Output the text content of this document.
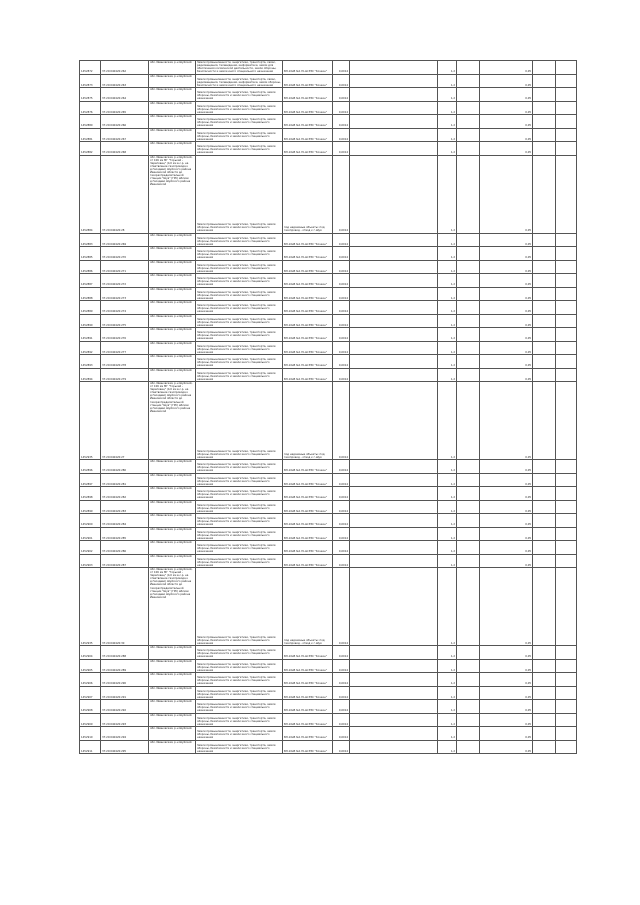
1452872	37:20:040420:262	обл. Ивановская, р-н Шуйский	Земли промышленности, энергетики, транспорта, связи, радиовещания, телевидения, информатики, земли для обеспечения космической деятельности, земли обороны, безопасности и земли иного специального назначения	ВЛ-10кВ №1 Ю-Ш РЭС "Кочкин"	0,0014		1,2		0,05		
1452873	37:20:040420:263	обл. Ивановская, р-н Шуйский	Земли промышленности, энергетики, транспорта, связи, радиовещания, телевидения, информатики, земли обороны, безопасности и земли иного специального назначения	ВЛ-10кВ №1 Ю-Ш РЭС "Кочкин"	0,0014		1,2		0,05		
1452875	37:20:040420:264	обл. Ивановская, р-н Шуйский	Земли промышленности, энергетики, транспорта, земли обороны, безопасности и земли иного специального назначения	ВЛ-10кВ №1 Ю-Ш РЭС "Кочкин"	0,0014		1,2		0,05		
1452876	37:20:040420:265	обл. Ивановская, р-н Шуйский	Земли промышленности, энергетики, транспорта, земли обороны, безопасности и земли иного специального назначения	ВЛ-10кВ №1 Ю-Ш РЭС "Кочкин"	0,0014		1,2		0,05		
1452880	37:20:040420:266	обл. Ивановская, р-н Шуйский	Земли промышленности, энергетики, транспорта, земли обороны, безопасности и земли иного специального назначения	ВЛ-10кВ №1 Ю-Ш РЭС "Кочкин"	0,0014		1,2		0,05		
1452881	37:20:040420:267	обл. Ивановская, р-н Шуйский	Земли промышленности, энергетики, транспорта, земли обороны, безопасности и земли иного специального назначения	ВЛ-10кВ №1 Ю-Ш РЭС "Кочкин"	0,0014		1,2		0,05		
1452882	37:20:040420:268	обл. Ивановская, р-н Шуйский	Земли промышленности, энергетики, транспорта, земли обороны, безопасности и земли иного специального назначения	ВЛ-10кВ №1 Ю-Ш РЭС "Кочкин"	0,0014		1,2		0,05		
1452884	37:20:040420:28	обл. Ивановская, р-н Шуйский, от 106 км МГ "Горький - Череповец" (4,0 км в.с.р. на ответвление газопровода к д.Гвоздево) Шуйского района Ивановской области до газораспределительной станции "Шуя" (ГРС) вблизи д.Гвоздево Шуйского района Ивановской	Земли промышленности, энергетики, транспорта, земли обороны, безопасности и земли иного специального назначения	под надземные объекты: под газопровод - отвод к г.Шуя	0,0014		1,2		0,05		
1452883	37:20:040420:269	обл. Ивановская, р-н Шуйский	Земли промышленности, энергетики, транспорта, земли обороны, безопасности и земли иного специального назначения	ВЛ-10кВ №1 Ю-Ш РЭС "Кочкин"	0,0014		1,2		0,05		
1452885	37:20:040420:270	обл. Ивановская, р-н Шуйский	Земли промышленности, энергетики, транспорта, земли обороны, безопасности и земли иного специального назначения	ВЛ-10кВ №1 Ю-Ш РЭС "Кочкин"	0,0014		1,2		0,05		
1452886	37:20:040420:271	обл. Ивановская, р-н Шуйский	Земли промышленности, энергетики, транспорта, земли обороны, безопасности и земли иного специального назначения	ВЛ-10кВ №1 Ю-Ш РЭС "Кочкин"	0,0014		1,2		0,05		
1452887	37:20:040420:272	обл. Ивановская, р-н Шуйский	Земли промышленности, энергетики, транспорта, земли обороны, безопасности и земли иного специального назначения	ВЛ-10кВ №1 Ю-Ш РЭС "Кочкин"	0,0014		1,2		0,05		
1452888	37:20:040420:273	обл. Ивановская, р-н Шуйский	Земли промышленности, энергетики, транспорта, земли обороны, безопасности и земли иного специального назначения	ВЛ-10кВ №1 Ю-Ш РЭС "Кочкин"	0,0014		1,2		0,05		
1452889	37:20:040420:274	обл. Ивановская, р-н Шуйский	Земли промышленности, энергетики, транспорта, земли обороны, безопасности и земли иного специального назначения	ВЛ-10кВ №1 Ю-Ш РЭС "Кочкин"	0,0014		1,2		0,05		
1452890	37:20:040420:275	обл. Ивановская, р-н Шуйский	Земли промышленности, энергетики, транспорта, земли обороны, безопасности и земли иного специального назначения	ВЛ-10кВ №1 Ю-Ш РЭС "Кочкин"	0,0014		1,2		0,05		
1452891	37:20:040420:276	обл. Ивановская, р-н Шуйский	Земли промышленности, энергетики, транспорта, земли обороны, безопасности и земли иного специального назначения	ВЛ-10кВ №1 Ю-Ш РЭС "Кочкин"	0,0014		1,2		0,05		
1452892	37:20:040420:277	обл. Ивановская, р-н Шуйский	Земли промышленности, энергетики, транспорта, земли обороны, безопасности и земли иного специального назначения	ВЛ-10кВ №1 Ю-Ш РЭС "Кочкин"	0,0014		1,2		0,05		
1452893	37:20:040420:278	обл. Ивановская, р-н Шуйский	Земли промышленности, энергетики, транспорта, земли обороны, безопасности и земли иного специального назначения	ВЛ-10кВ №1 Ю-Ш РЭС "Кочкин"	0,0014		1,2		0,05		
1452894	37:20:040420:279	обл. Ивановская, р-н Шуйский	Земли промышленности, энергетики, транспорта, земли обороны, безопасности и земли иного специального назначения	ВЛ-10кВ №1 Ю-Ш РЭС "Кочкин"	0,0014		1,2		0,05		
1452935	37:20:040420:27	обл. Ивановская, р-н Шуйский, от 106 км МГ "Горький - Череповец" (4,0 км в.с.р. на ответвление газопровода к д.Гвоздево) Шуйского района Ивановской области до газораспределительной станции "Шуя" (ГРС) вблизи д.Гвоздево Шуйского района Ивановской	Земли промышленности, энергетики, транспорта, земли обороны, безопасности и земли иного специального назначения	под надземные объекты: под газопровод - отвод к г.Шуя	0,0014		1,2		0,05		
1452896	37:20:040420:280	обл. Ивановская, р-н Шуйский	Земли промышленности, энергетики, транспорта, земли обороны, безопасности и земли иного специального назначения	ВЛ-10кВ №1 Ю-Ш РЭС "Кочкин"	0,0014		1,2		0,05		
1452897	37:20:040420:281	обл. Ивановская, р-н Шуйский	Земли промышленности, энергетики, транспорта, земли обороны, безопасности и земли иного специального назначения	ВЛ-10кВ №1 Ю-Ш РЭС "Кочкин"	0,0014		1,2		0,05		
1452898	37:20:040420:282	обл. Ивановская, р-н Шуйский	Земли промышленности, энергетики, транспорта, земли обороны, безопасности и земли иного специального назначения	ВЛ-10кВ №1 Ю-Ш РЭС "Кочкин"	0,0014		1,2		0,05		
1452899	37:20:040420:283	обл. Ивановская, р-н Шуйский	Земли промышленности, энергетики, транспорта, земли обороны, безопасности и земли иного специального назначения	ВЛ-10кВ №1 Ю-Ш РЭС "Кочкин"	0,0014		1,2		0,05		
1452900	37:20:040420:284	обл. Ивановская, р-н Шуйский	Земли промышленности, энергетики, транспорта, земли обороны, безопасности и земли иного специального назначения	ВЛ-10кВ №1 Ю-Ш РЭС "Кочкин"	0,0014		1,2		0,05		
1452901	37:20:040420:285	обл. Ивановская, р-н Шуйский	Земли промышленности, энергетики, транспорта, земли обороны, безопасности и земли иного специального назначения	ВЛ-10кВ №1 Ю-Ш РЭС "Кочкин"	0,0014		1,2		0,05		
1452902	37:20:040420:286	обл. Ивановская, р-н Шуйский	Земли промышленности, энергетики, транспорта, земли обороны, безопасности и земли иного специального назначения	ВЛ-10кВ №1 Ю-Ш РЭС "Кочкин"	0,0014		1,2		0,05		
1452903	37:20:040420:287	обл. Ивановская, р-н Шуйский	Земли промышленности, энергетики, транспорта, земли обороны, безопасности и земли иного специального назначения	ВЛ-10кВ №1 Ю-Ш РЭС "Кочкин"	0,0014		1,2		0,05		
1452935	37:20:040420:30	обл. Ивановская, р-н Шуйский, от 106 км МГ "Горький - Череповец" (4,0 км в.с.р. на ответвление газопровода к д.Гвоздево) Шуйского района Ивановской области до газораспределительной станции "Шуя" (ГРС) вблизи д.Гвоздево Шуйского района Ивановской	Земли промышленности, энергетики, транспорта, земли обороны, безопасности и земли иного специального назначения	под надземные объекты: под газопровод - отвод к г.Шуя	0,0014		1,2		0,05		
1452904	37:20:040420:288	обл. Ивановская, р-н Шуйский	Земли промышленности, энергетики, транспорта, земли обороны, безопасности и земли иного специального назначения	ВЛ-10кВ №1 Ю-Ш РЭС "Кочкин"	0,0014		1,2		0,05		
1452905	37:20:040420:289	обл. Ивановская, р-н Шуйский	Земли промышленности, энергетики, транспорта, земли обороны, безопасности и земли иного специального назначения	ВЛ-10кВ №1 Ю-Ш РЭС "Кочкин"	0,0014		1,2		0,05		
1452906	37:20:040420:290	обл. Ивановская, р-н Шуйский	Земли промышленности, энергетики, транспорта, земли обороны, безопасности и земли иного специального назначения	ВЛ-10кВ №1 Ю-Ш РЭС "Кочкин"	0,0014		1,2		0,05		
1452907	37:20:040420:291	обл. Ивановская, р-н Шуйский	Земли промышленности, энергетики, транспорта, земли обороны, безопасности и земли иного специального назначения	ВЛ-10кВ №1 Ю-Ш РЭС "Кочкин"	0,0014		1,2		0,05		
1452908	37:20:040420:292	обл. Ивановская, р-н Шуйский	Земли промышленности, энергетики, транспорта, земли обороны, безопасности и земли иного специального назначения	ВЛ-10кВ №1 Ю-Ш РЭС "Кочкин"	0,0014		1,2		0,05		
1452909	37:20:040420:293	обл. Ивановская, р-н Шуйский	Земли промышленности, энергетики, транспорта, земли обороны, безопасности и земли иного специального назначения	ВЛ-10кВ №1 Ю-Ш РЭС "Кочкин"	0,0014		1,2		0,05		
1452910	37:20:040420:294	обл. Ивановская, р-н Шуйский	Земли промышленности, энергетики, транспорта, земли обороны, безопасности и земли иного специального назначения	ВЛ-10кВ №1 Ю-Ш РЭС "Кочкин"	0,0014		1,2		0,05		
1452911	37:20:040420:295	обл. Ивановская, р-н Шуйский	Земли промышленности, энергетики, транспорта, земли обороны, безопасности и земли иного специального назначения	ВЛ-10кВ №1 Ю-Ш РЭС "Кочкин"	0,0014		1,2		0,05		
